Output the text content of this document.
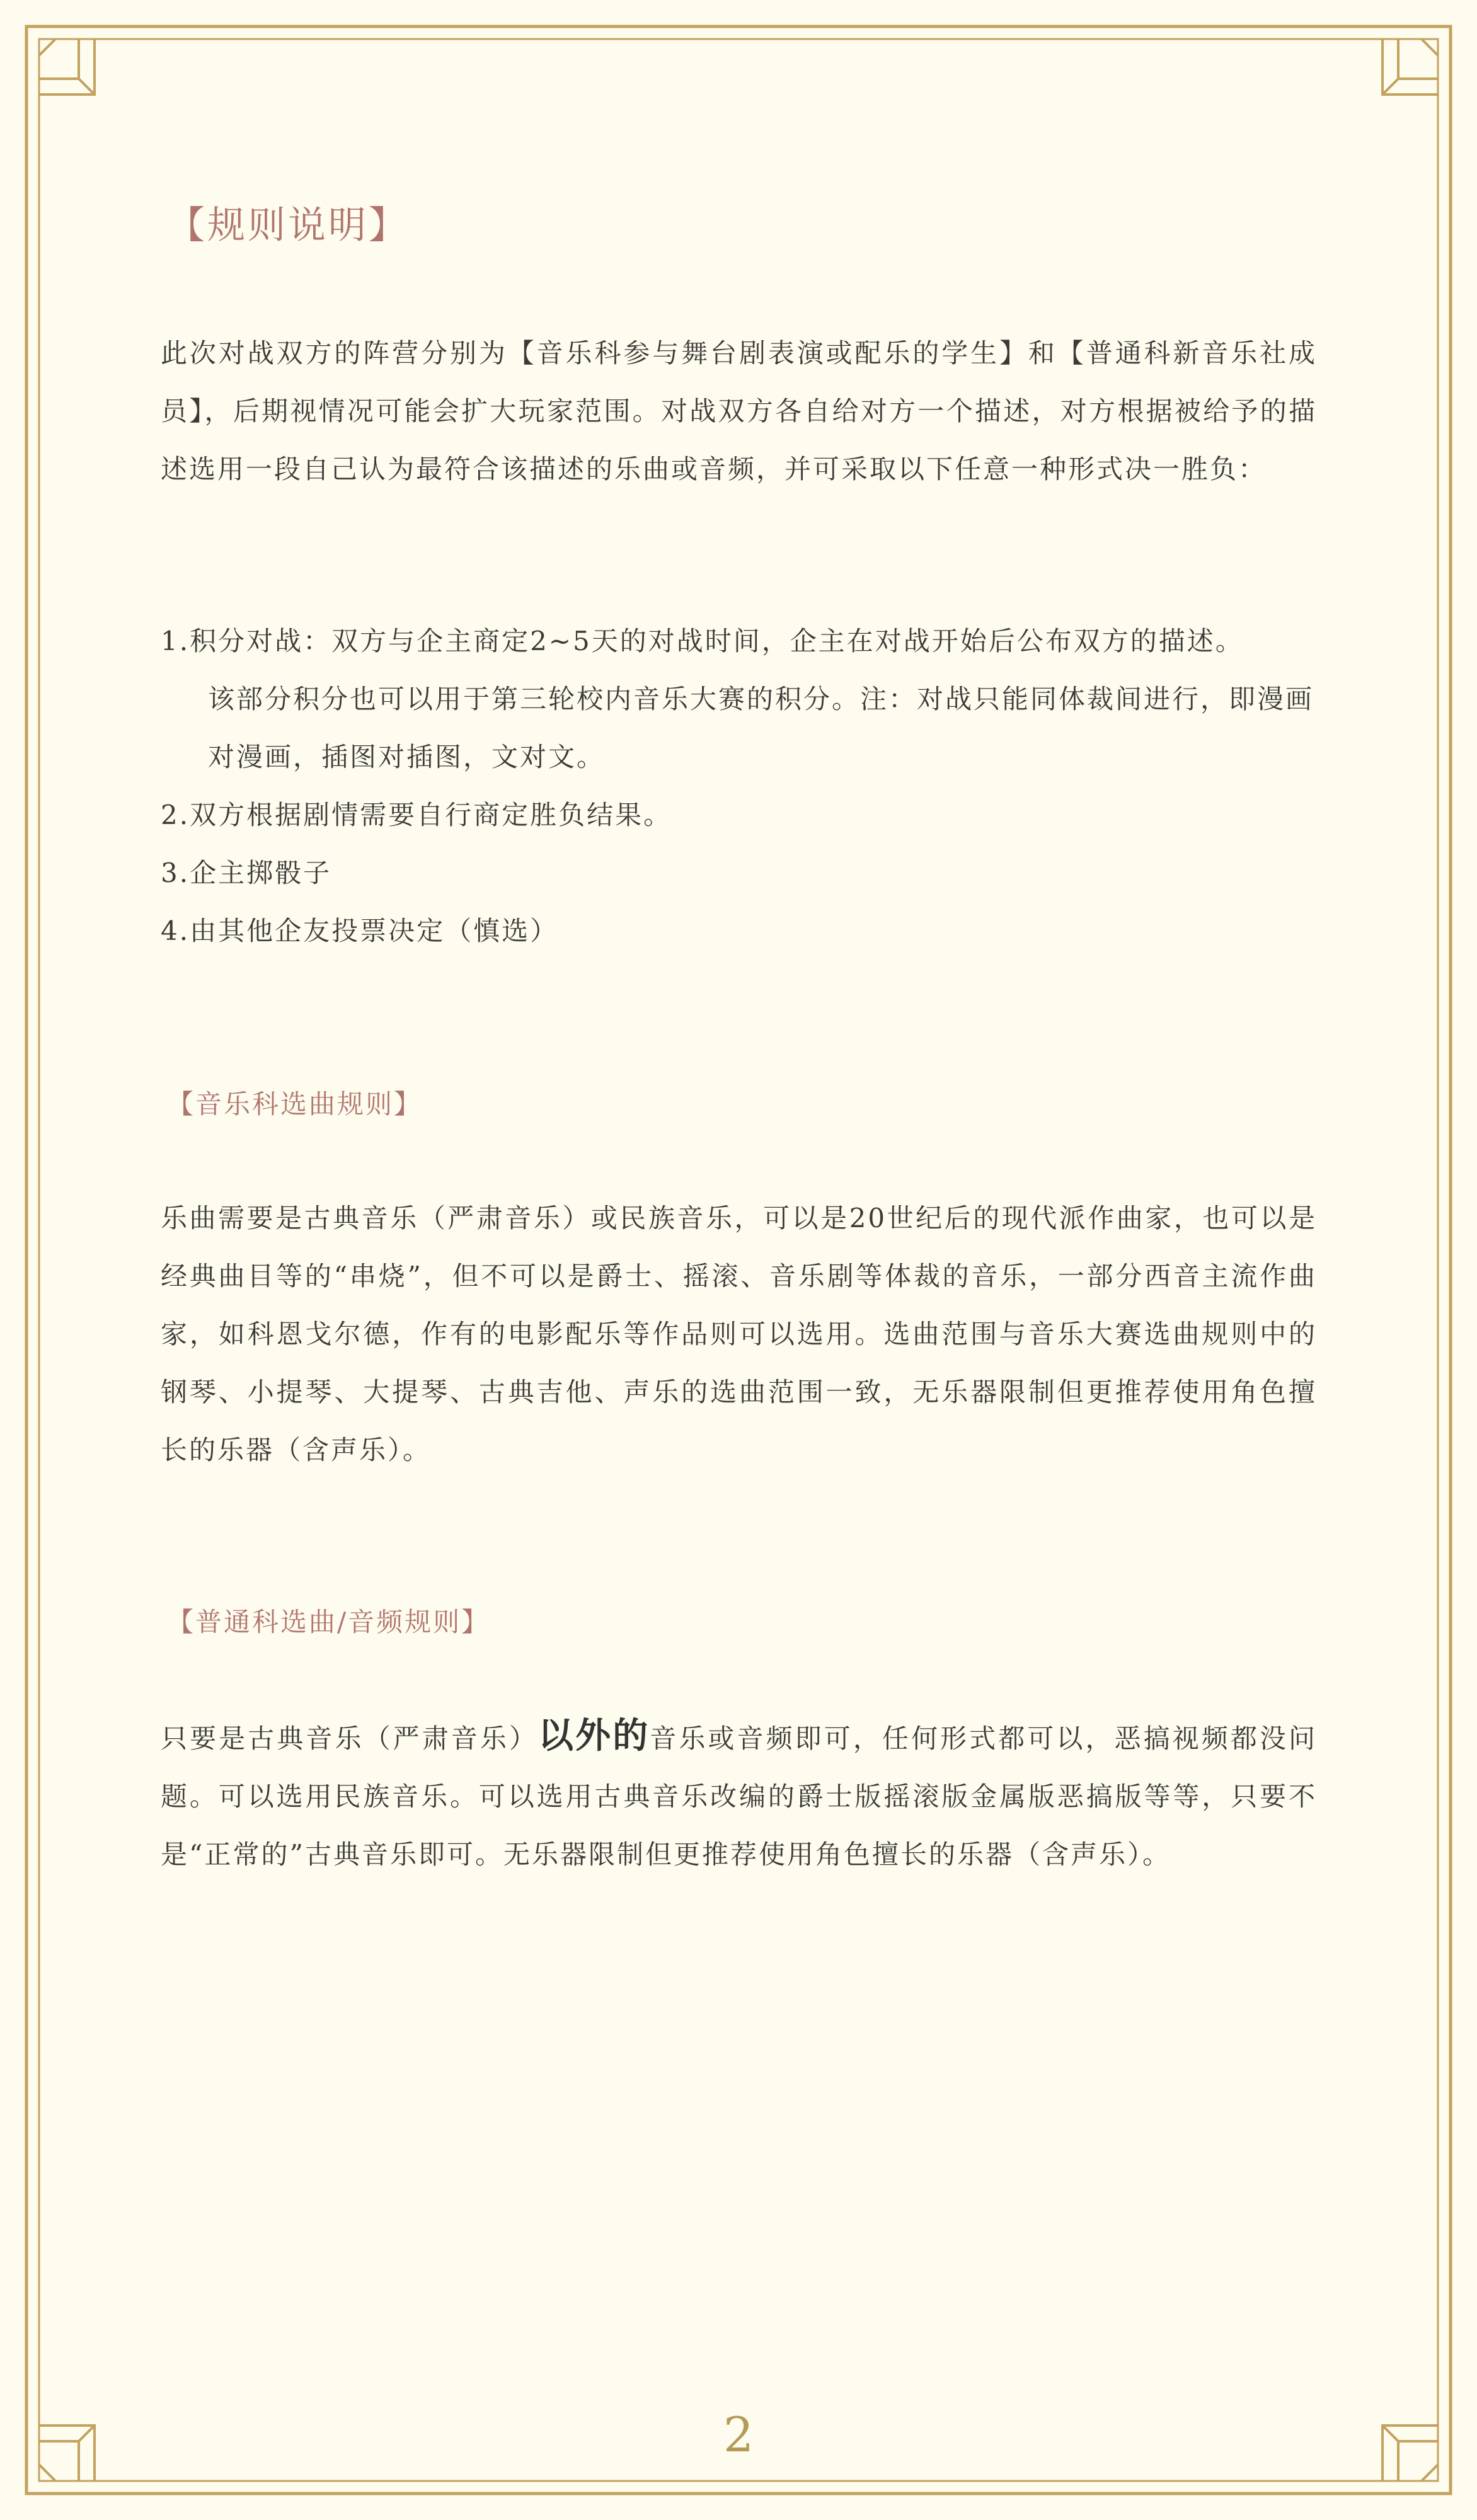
【规则说明】

此次对战双方的阵营分别为【音乐科参与舞台剧表演或配乐的学生】和【普通科新音乐社成员】，后期视情况可能会扩大玩家范围。对战双方各自给对方一个描述，对方根据被给予的描述选用一段自己认为最符合该描述的乐曲或音频，并可采取以下任意一种形式决一胜负：

1.积分对战：双方与企主商定2~5天的对战时间，企主在对战开始后公布双方的描述。
该部分积分也可以用于第三轮校内音乐大赛的积分。注：对战只能同体裁间进行，即漫画对漫画，插图对插图，文对文。

2.双方根据剧情需要自行商定胜负结果。

3.企主掷骰子

4.由其他企友投票决定（慎选）

【音乐科选曲规则】

乐曲需要是古典音乐（严肃音乐）或民族音乐，可以是20世纪后的现代派作曲家，也可以是经典曲目等的“串烧”，但不可以是爵士、摇滚、音乐剧等体裁的音乐，一部分西音主流作曲家，如科恩戈尔德，作有的电影配乐等作品则可以选用。选曲范围与音乐大赛选曲规则中的钢琴、小提琴、大提琴、古典吉他、声乐的选曲范围一致，无乐器限制但更推荐使用角色擅长的乐器（含声乐）。

【普通科选曲/音频规则】

只要是古典音乐（严肃音乐）以外的音乐或音频即可，任何形式都可以，恶搞视频都没问题。可以选用民族音乐。可以选用古典音乐改编的爵士版摇滚版金属版恶搞版等等，只要不是“正常的”古典音乐即可。无乐器限制但更推荐使用角色擅长的乐器（含声乐）。

2
